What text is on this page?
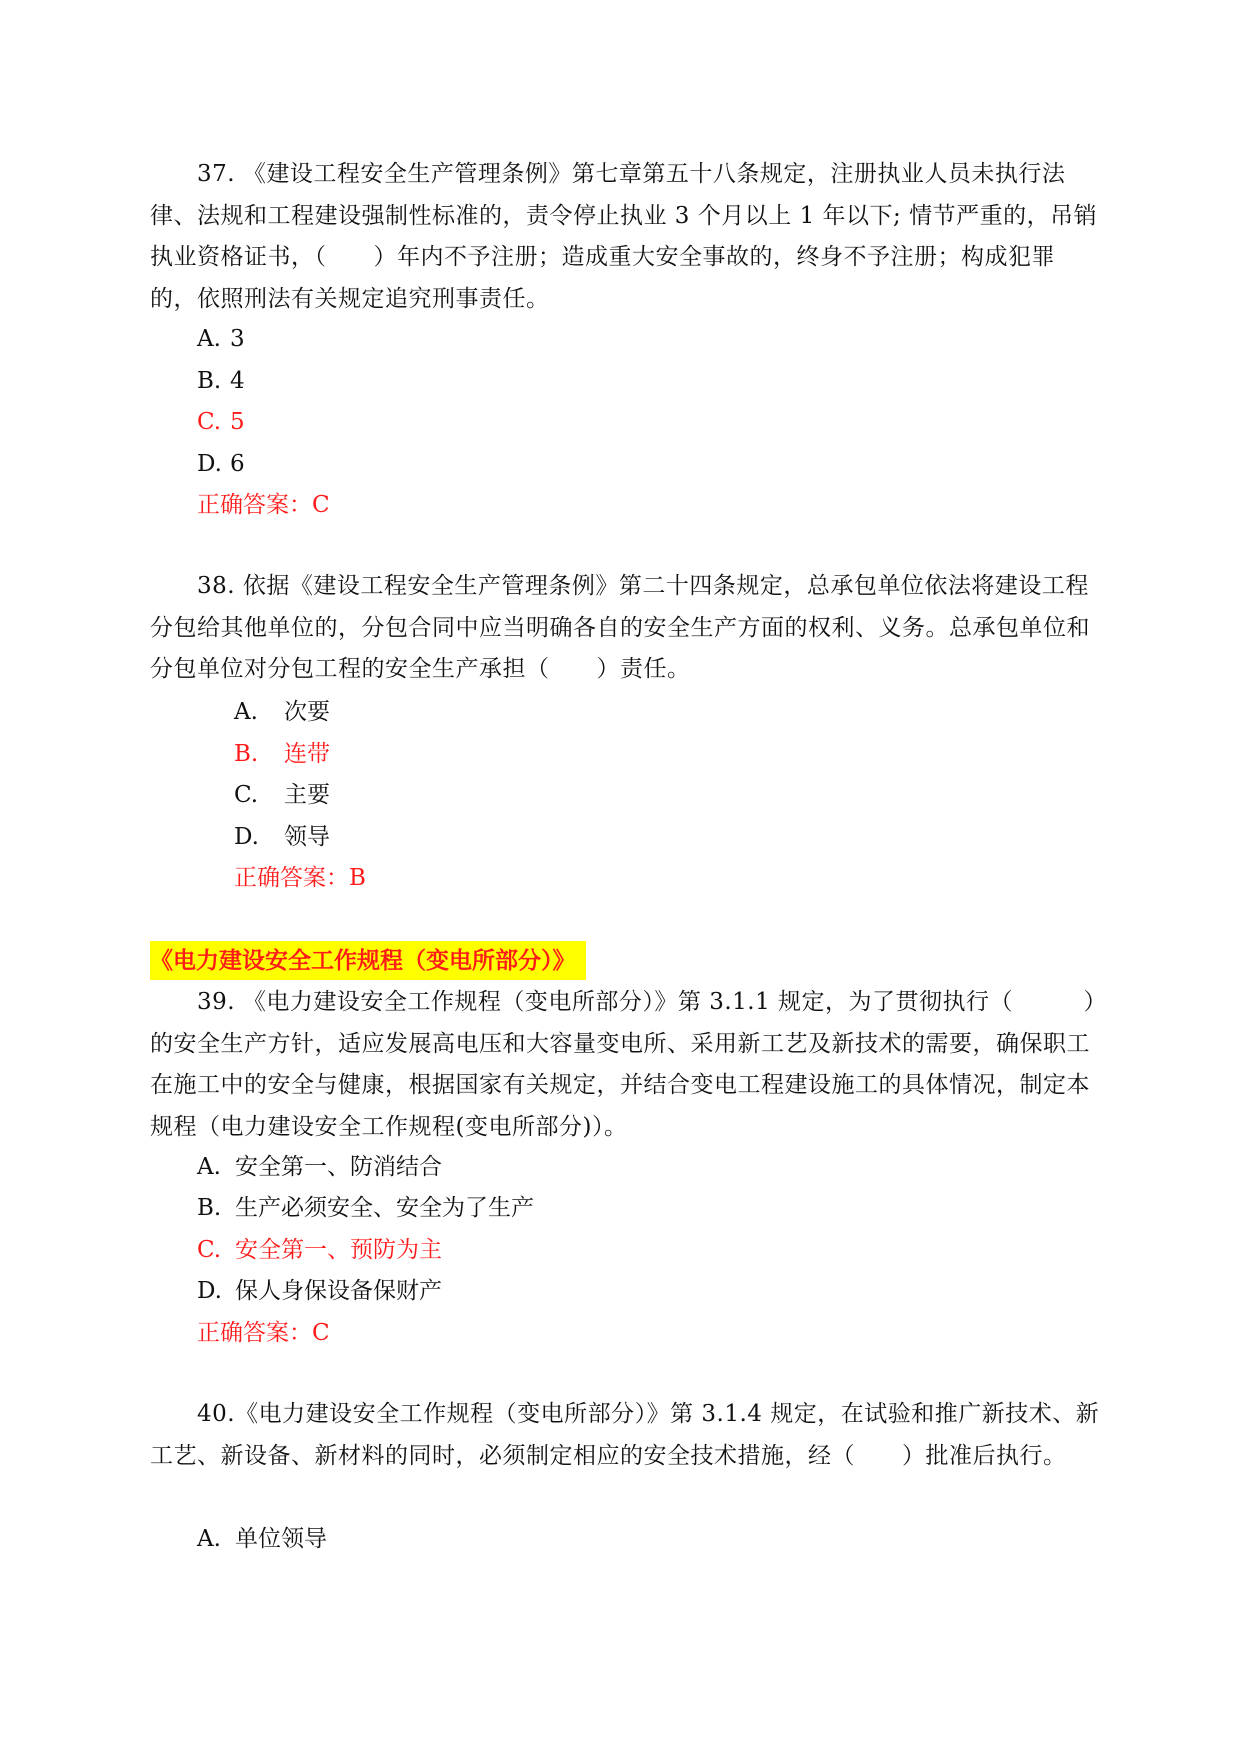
37. 《建设工程安全生产管理条例》第七章第五十八条规定，注册执业人员未执行法律、法规和工程建设强制性标准的，责令停止执业 3 个月以上 1 年以下; 情节严重的，吊销执业资格证书，（　　）年内不予注册；造成重大安全事故的，终身不予注册；构成犯罪的，依照刑法有关规定追究刑事责任。

A. 3
B. 4
C. 5
D. 6
正确答案：C

38. 依据《建设工程安全生产管理条例》第二十四条规定，总承包单位依法将建设工程分包给其他单位的，分包合同中应当明确各自的安全生产方面的权利、义务。总承包单位和分包单位对分包工程的安全生产承担（　　）责任。

A. 次要
B. 连带
C. 主要
D. 领导
正确答案：B
《电力建设安全工作规程（变电所部分）》

39. 《电力建设安全工作规程（变电所部分）》第 3.1.1 规定，为了贯彻执行（　　　）的安全生产方针，适应发展高电压和大容量变电所、采用新工艺及新技术的需要，确保职工在施工中的安全与健康，根据国家有关规定，并结合变电工程建设施工的具体情况，制定本规程（电力建设安全工作规程(变电所部分)）。

A. 安全第一、防消结合
B. 生产必须安全、安全为了生产
C. 安全第一、预防为主
D. 保人身保设备保财产
正确答案：C

40.《电力建设安全工作规程（变电所部分）》第 3.1.4 规定，在试验和推广新技术、新工艺、新设备、新材料的同时，必须制定相应的安全技术措施，经（　　）批准后执行。

A. 单位领导
